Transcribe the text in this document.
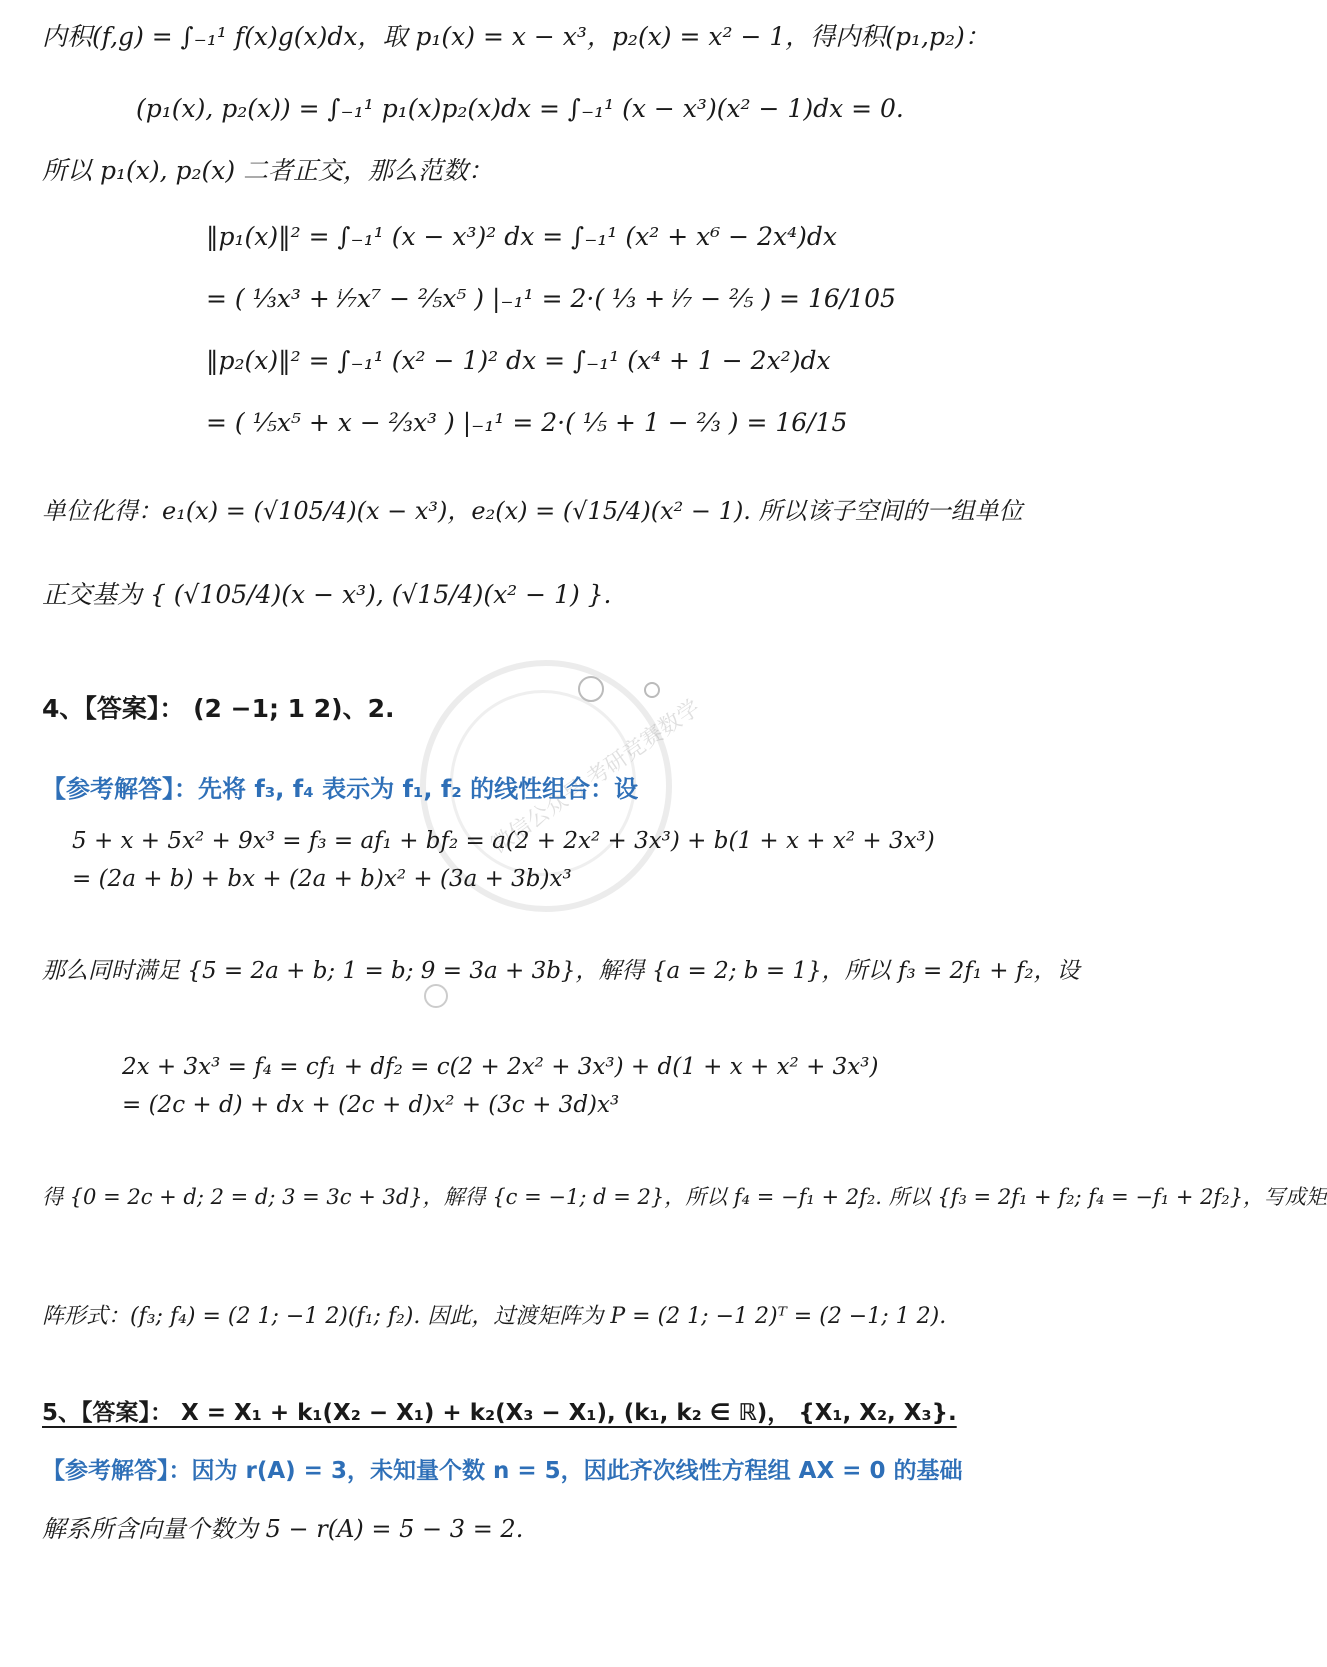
微信公众号 考研竞赛数学
内积(f,g) = ∫₋₁¹ f(x)g(x)dx，取 p₁(x) = x − x³，p₂(x) = x² − 1，得内积(p₁,p₂)：
(p₁(x), p₂(x)) = ∫₋₁¹ p₁(x)p₂(x)dx = ∫₋₁¹ (x − x³)(x² − 1)dx = 0.
所以 p₁(x), p₂(x) 二者正交，那么范数：
‖p₁(x)‖² = ∫₋₁¹ (x − x³)² dx = ∫₋₁¹ (x² + x⁶ − 2x⁴)dx
= ( ⅓x³ + ⁱ⁄₇x⁷ − ⅖x⁵ ) |₋₁¹ = 2·( ⅓ + ⁱ⁄₇ − ⅖ ) = 16/105
‖p₂(x)‖² = ∫₋₁¹ (x² − 1)² dx = ∫₋₁¹ (x⁴ + 1 − 2x²)dx
= ( ⅕x⁵ + x − ⅔x³ ) |₋₁¹ = 2·( ⅕ + 1 − ⅔ ) = 16/15
单位化得：e₁(x) = (√105/4)(x − x³)，e₂(x) = (√15/4)(x² − 1). 所以该子空间的一组单位
正交基为 { (√105/4)(x − x³), (√15/4)(x² − 1) }.
4、【答案】： (2 −1; 1 2)、2.
【参考解答】：先将 f₃, f₄ 表示为 f₁, f₂ 的线性组合：设
5 + x + 5x² + 9x³ = f₃ = af₁ + bf₂ = a(2 + 2x² + 3x³) + b(1 + x + x² + 3x³)
= (2a + b) + bx + (2a + b)x² + (3a + 3b)x³
那么同时满足 {5 = 2a + b; 1 = b; 9 = 3a + 3b}，解得 {a = 2; b = 1}，所以 f₃ = 2f₁ + f₂，设
2x + 3x³ = f₄ = cf₁ + df₂ = c(2 + 2x² + 3x³) + d(1 + x + x² + 3x³)
= (2c + d) + dx + (2c + d)x² + (3c + 3d)x³
得 {0 = 2c + d; 2 = d; 3 = 3c + 3d}，解得 {c = −1; d = 2}，所以 f₄ = −f₁ + 2f₂. 所以 {f₃ = 2f₁ + f₂; f₄ = −f₁ + 2f₂}，写成矩
阵形式：(f₃; f₄) = (2 1; −1 2)(f₁; f₂). 因此，过渡矩阵为 P = (2 1; −1 2)ᵀ = (2 −1; 1 2).
5、【答案】： X = X₁ + k₁(X₂ − X₁) + k₂(X₃ − X₁), (k₁, k₂ ∈ ℝ)， {X₁, X₂, X₃}.
【参考解答】：因为 r(A) = 3，未知量个数 n = 5，因此齐次线性方程组 AX = 0 的基础
解系所含向量个数为 5 − r(A) = 5 − 3 = 2.
